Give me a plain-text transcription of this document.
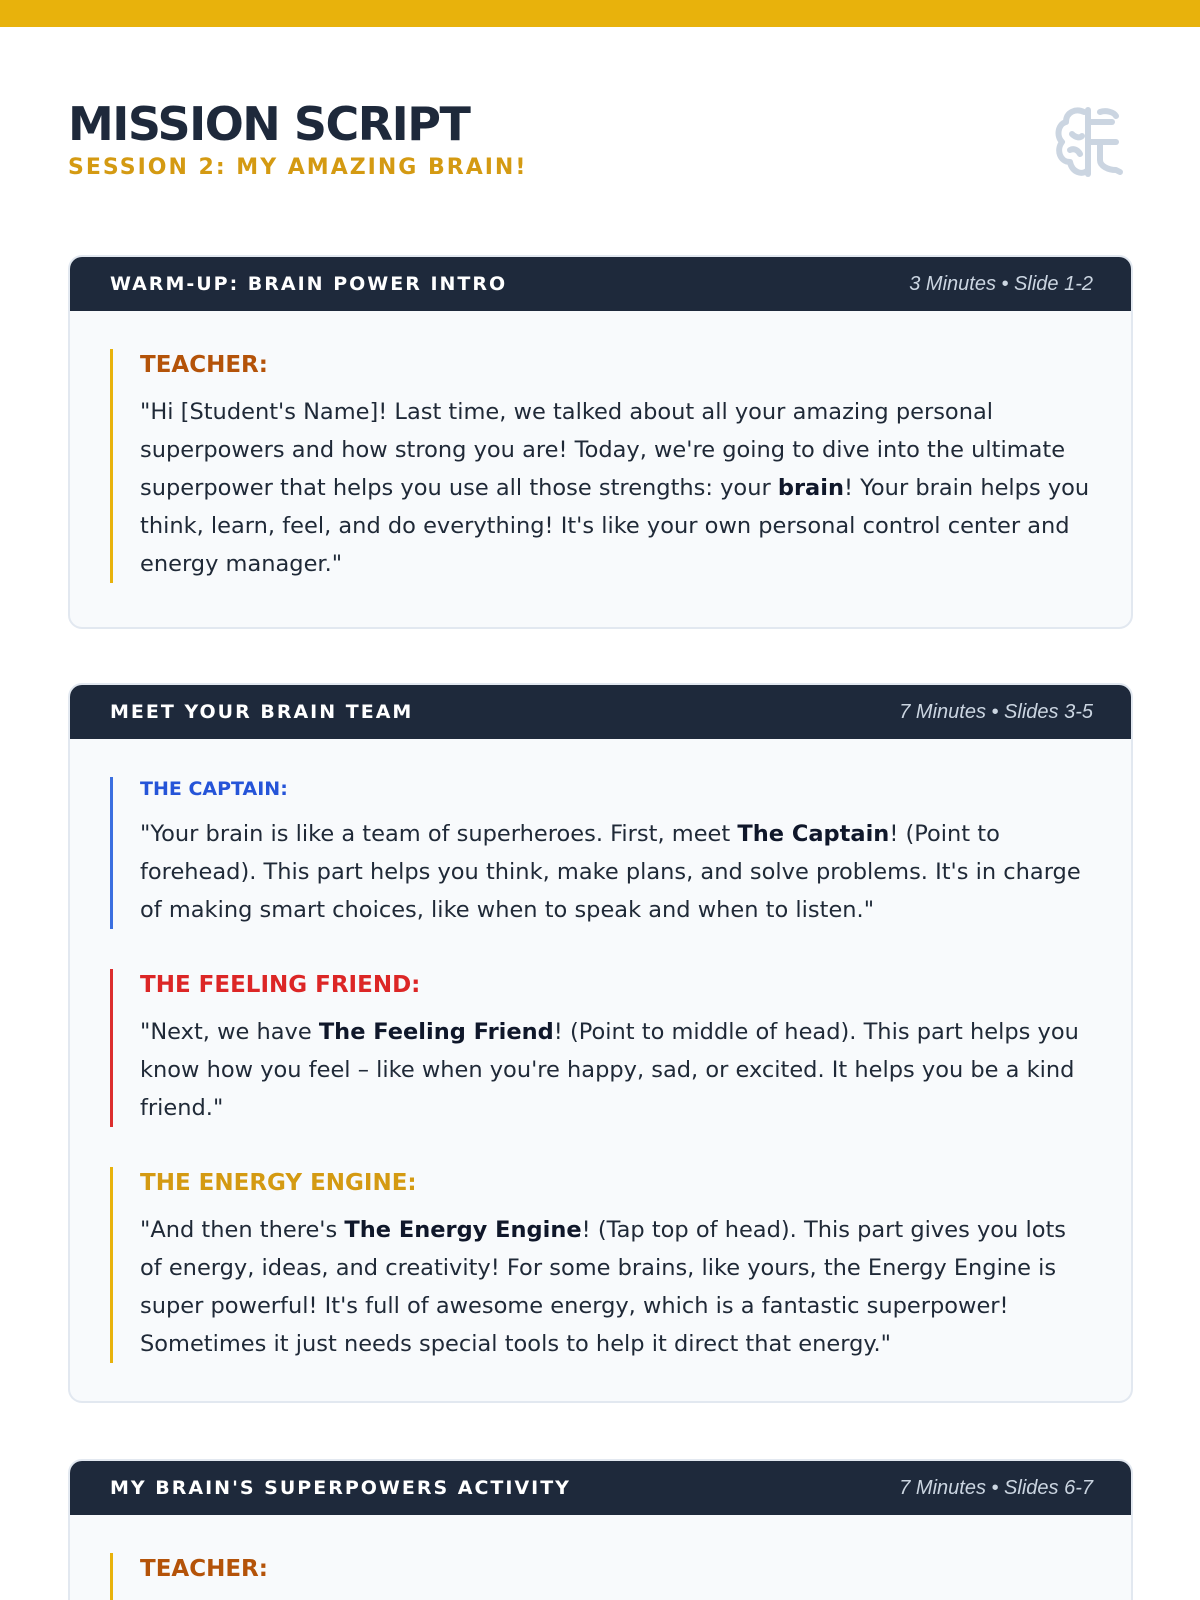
MISSION SCRIPT
SESSION 2: MY AMAZING BRAIN!
WARM-UP: BRAIN POWER INTRO	3 Minutes • Slide 1-2
TEACHER:

"Hi [Student's Name]! Last time, we talked about all your amazing personal superpowers and how strong you are! Today, we're going to dive into the ultimate superpower that helps you use all those strengths: your brain! Your brain helps you think, learn, feel, and do everything! It's like your own personal control center and energy manager."

MEET YOUR BRAIN TEAM	7 Minutes • Slides 3-5
THE CAPTAIN:

"Your brain is like a team of superheroes. First, meet The Captain! (Point to forehead). This part helps you think, make plans, and solve problems. It's in charge of making smart choices, like when to speak and when to listen."

THE FEELING FRIEND:

"Next, we have The Feeling Friend! (Point to middle of head). This part helps you know how you feel – like when you're happy, sad, or excited. It helps you be a kind friend."

THE ENERGY ENGINE:

"And then there's The Energy Engine! (Tap top of head). This part gives you lots of energy, ideas, and creativity! For some brains, like yours, the Energy Engine is super powerful! It's full of awesome energy, which is a fantastic superpower! Sometimes it just needs special tools to help it direct that energy."

MY BRAIN'S SUPERPOWERS ACTIVITY	7 Minutes • Slides 6-7
TEACHER:
